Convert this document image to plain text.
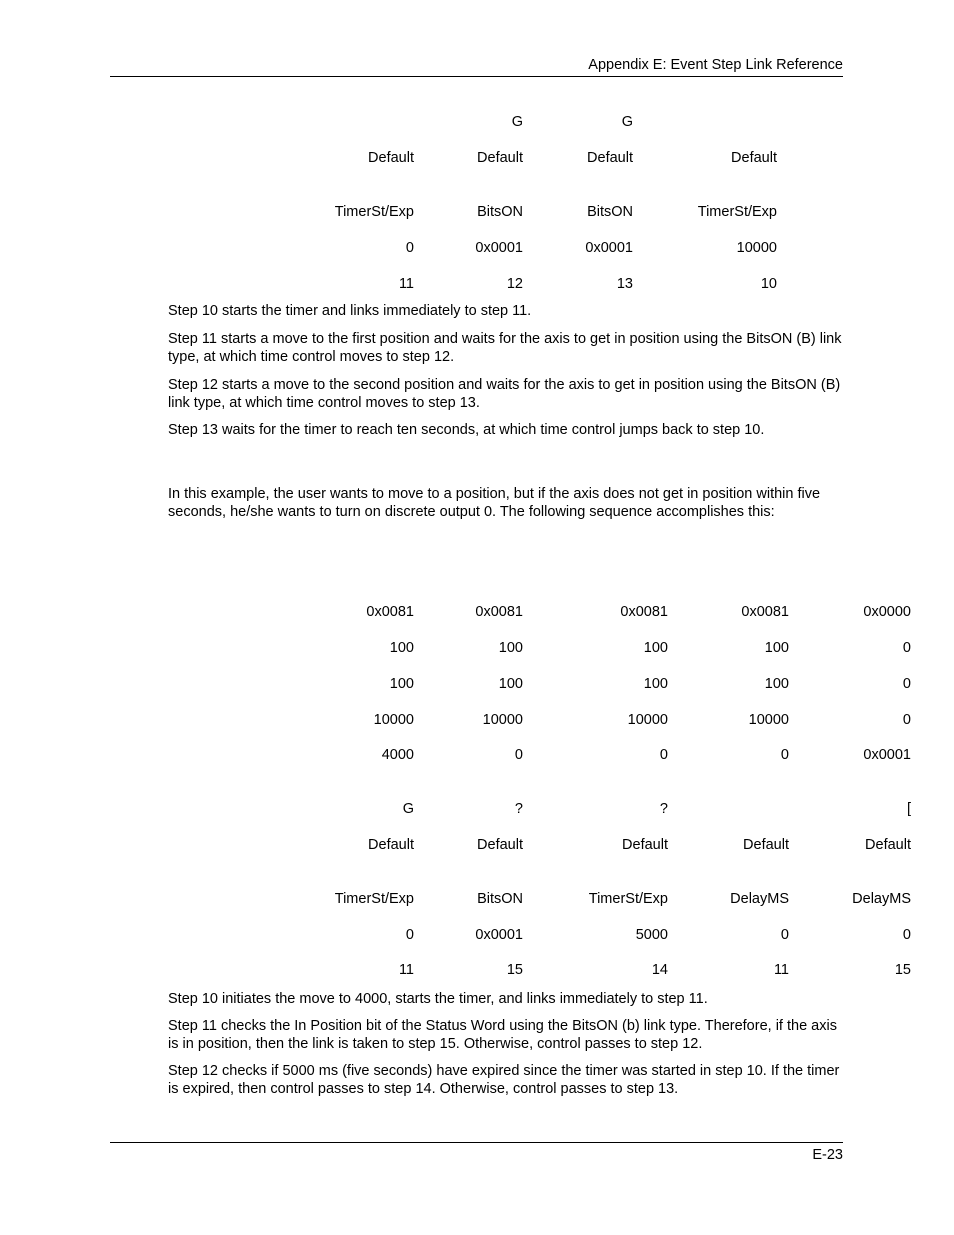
Appendix E: Event Step Link Reference
Default
TimerSt/Exp
0
11
G
Default
BitsON
0x0001
12
G
Default
BitsON
0x0001
13
Default
TimerSt/Exp
10000
10
Step 10 starts the timer and links immediately to step 11.
Step 11 starts a move to the first position and waits for the axis to get in position using the BitsON (B) link type, at which time control moves to step 12.
Step 12 starts a move to the second position and waits for the axis to get in position using the BitsON (B) link type, at which time control moves to step 13.
Step 13 waits for the timer to reach ten seconds, at which time control jumps back to step 10.
In this example, the user wants to move to a position, but if the axis does not get in position within five seconds, he/she wants to turn on discrete output 0. The following sequence accomplishes this:
0x0081
100
100
10000
4000
G
Default
TimerSt/Exp
0
11
0x0081
100
100
10000
0
?
Default
BitsON
0x0001
15
0x0081
100
100
10000
0
?
Default
TimerSt/Exp
5000
14
0x0081
100
100
10000
0
Default
DelayMS
0
11
0x0000
0
0
0
0x0001
[
Default
DelayMS
0
15
Step 10 initiates the move to 4000, starts the timer, and links immediately to step 11.
Step 11 checks the In Position bit of the Status Word using the BitsON (b) link type. Therefore, if the axis is in position, then the link is taken to step 15. Otherwise, control passes to step 12.
Step 12 checks if 5000 ms (five seconds) have expired since the timer was started in step 10. If the timer is expired, then control passes to step 14. Otherwise, control passes to step 13.
E-23
